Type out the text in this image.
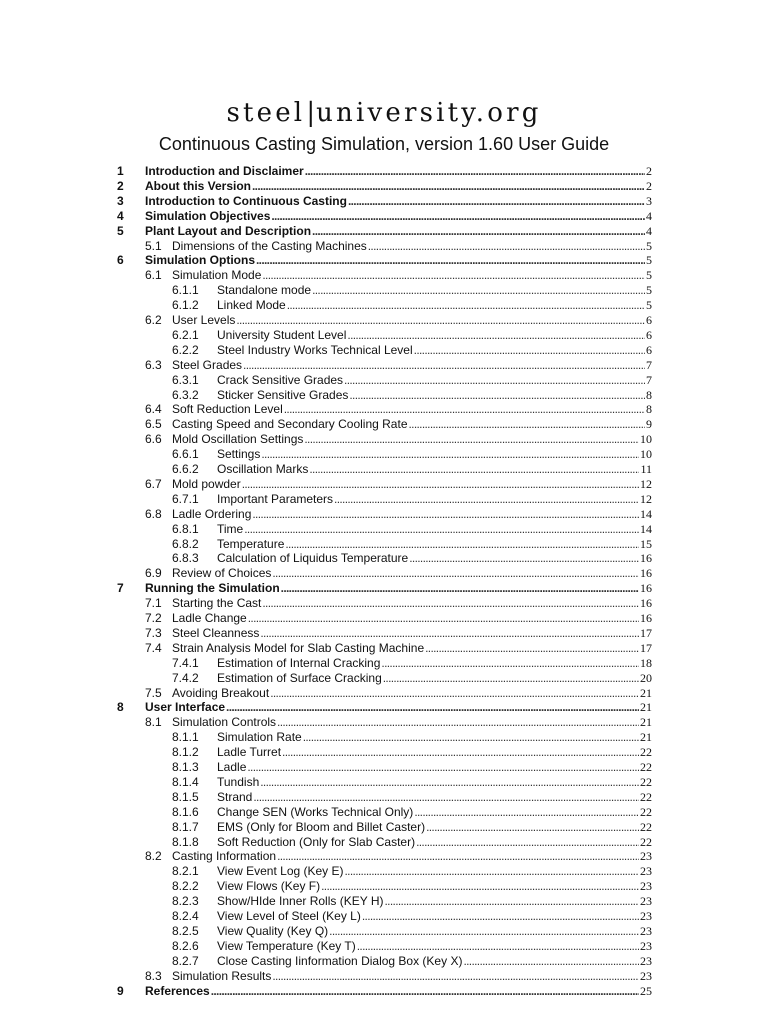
steel|university.org
Continuous Casting Simulation, version 1.60 User Guide
1 Introduction and Disclaimer . . .	2
2 About this Version . . .	2
3 Introduction to Continuous Casting . . .	3
4 Simulation Objectives . . .	4
5 Plant Layout and Description . . .	4
5.1 Dimensions of the Casting Machines . . .	5
6 Simulation Options . . .	5
6.1 Simulation Mode . . .	5
6.1.1	Standalone mode . . .	5
6.1.2	Linked Mode . . .	5
6.2 User Levels . . .	6
6.2.1	University Student Level . . .	6
6.2.2	Steel Industry Works Technical Level . . .	6
6.3 Steel Grades . . .	7
6.3.1	Crack Sensitive Grades . . .	7
6.3.2	Sticker Sensitive Grades . . .	8
6.4 Soft Reduction Level . . .	8
6.5 Casting Speed and Secondary Cooling Rate . . .	9
6.6 Mold Oscillation Settings . . .	10
6.6.1	Settings . . .	10
6.6.2	Oscillation Marks . . .	11
6.7 Mold powder . . .	12
6.7.1	Important Parameters . . .	12
6.8 Ladle Ordering . . .	14
6.8.1	Time . . .	14
6.8.2	Temperature . . .	15
6.8.3	Calculation of Liquidus Temperature . . .	16
6.9 Review of Choices . . .	16
7 Running the Simulation . . .	16
7.1 Starting the Cast . . .	16
7.2 Ladle Change . . .	16
7.3 Steel Cleanness . . .	17
7.4 Strain Analysis Model for Slab Casting Machine . . .	17
7.4.1	Estimation of Internal Cracking . . .	18
7.4.2	Estimation of Surface Cracking . . .	20
7.5 Avoiding Breakout . . .	21
8 User Interface . . .	21
8.1 Simulation Controls . . .	21
8.1.1	Simulation Rate . . .	21
8.1.2	Ladle Turret . . .	22
8.1.3	Ladle . . .	22
8.1.4	Tundish . . .	22
8.1.5	Strand . . .	22
8.1.6	Change SEN (Works Technical Only) . . .	22
8.1.7	EMS (Only for Bloom and Billet Caster) . . .	22
8.1.8	Soft Reduction (Only for Slab Caster) . . .	22
8.2 Casting Information . . .	23
8.2.1	View Event Log (Key E) . . .	23
8.2.2	View Flows (Key F) . . .	23
8.2.3	Show/HIde Inner Rolls (KEY H) . . .	23
8.2.4	View Level of Steel (Key L) . . .	23
8.2.5	View Quality (Key Q) . . .	23
8.2.6	View Temperature (Key T) . . .	23
8.2.7	Close Casting Iinformation Dialog Box (Key X) . . .	23
8.3 Simulation Results . . .	23
9 References . . .	25
